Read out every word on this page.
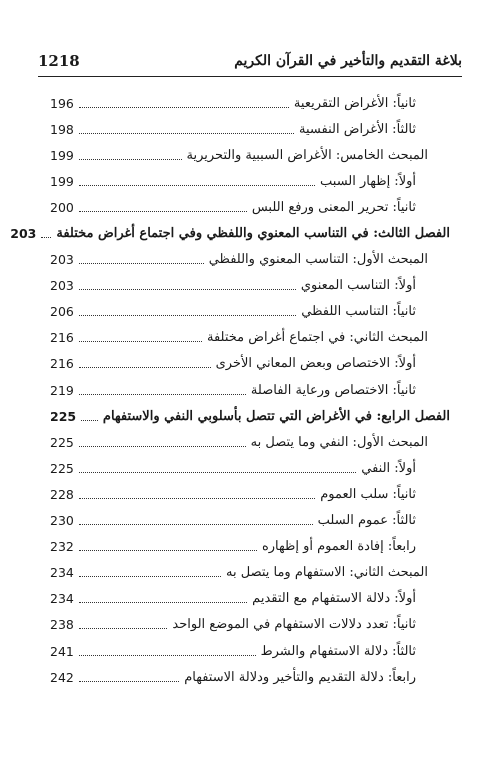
1218	بلاغة التقديم والتأخير في القرآن الكريم
ثانياً: الأغراض التقريعية
196
ثالثاً: الأغراض النفسية
198
المبحث الخامس: الأغراض السببية والتحريرية
199
أولاً: إظهار السبب
199
ثانياً: تحرير المعنى ورفع اللبس
200
الفصل الثالث: في التناسب المعنوي واللفظي وفي اجتماع أغراض مختلفة
203
المبحث الأول: التناسب المعنوي واللفظي
203
أولاً: التناسب المعنوي
203
ثانياً: التناسب اللفظي
206
المبحث الثاني: في اجتماع أغراض مختلفة
216
أولاً: الاختصاص وبعض المعاني الأخرى
216
ثانياً: الاختصاص ورعاية الفاصلة
219
الفصل الرابع: في الأغراض التي تتصل بأسلوبي النفي والاستفهام
225
المبحث الأول: النفي وما يتصل به
225
أولاً: النفي
225
ثانياً: سلب العموم
228
ثالثاً: عموم السلب
230
رابعاً: إفادة العموم أو إظهاره
232
المبحث الثاني: الاستفهام وما يتصل به
234
أولاً: دلالة الاستفهام مع التقديم
234
ثانياً: تعدد دلالات الاستفهام في الموضع الواحد
238
ثالثاً: دلالة الاستفهام والشرط
241
رابعاً: دلالة التقديم والتأخير ودلالة الاستفهام
242
